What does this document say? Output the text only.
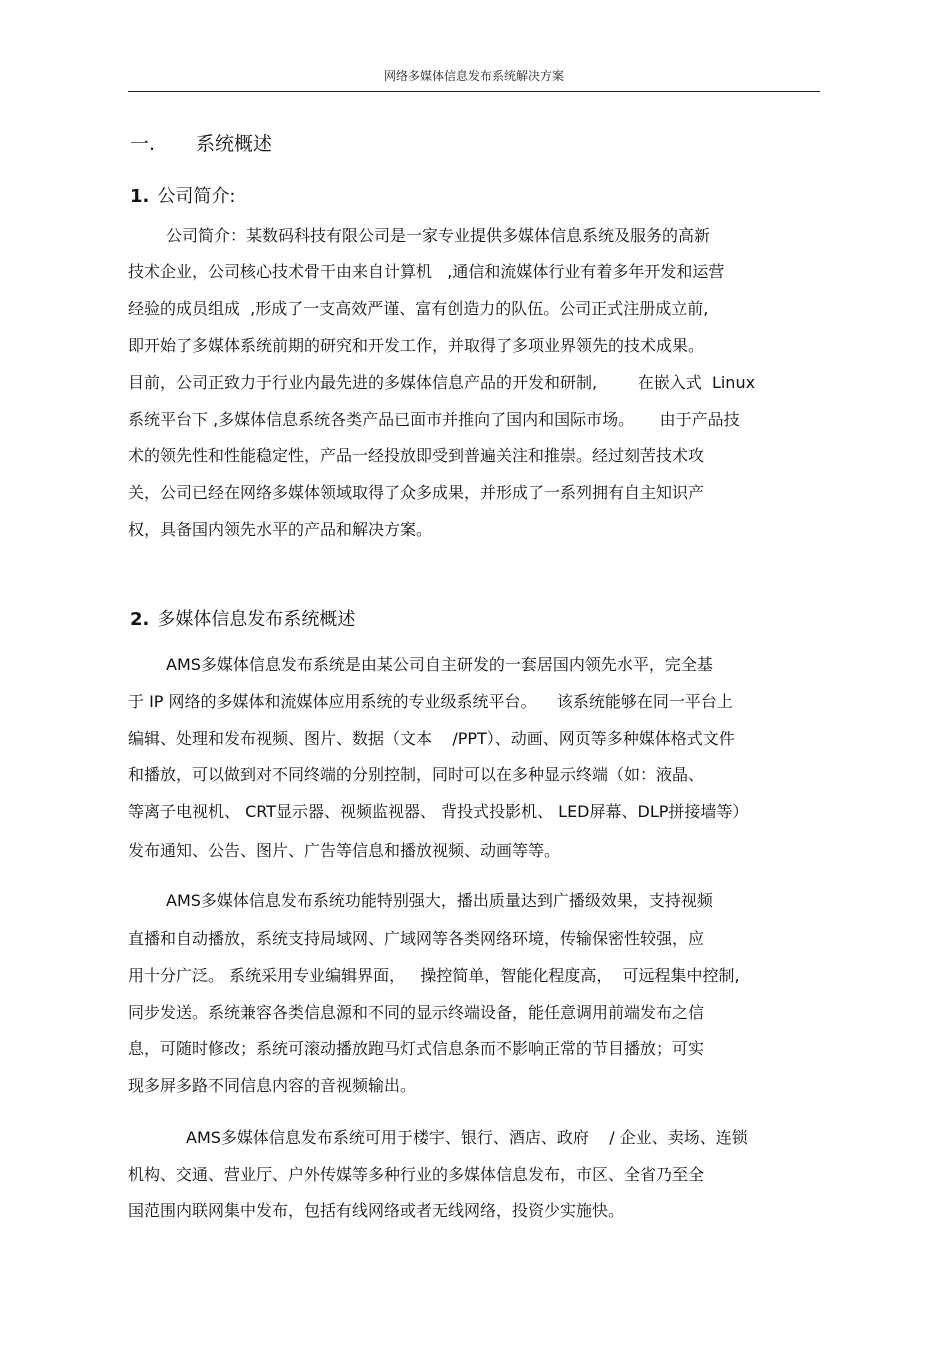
网络多媒体信息发布系统解决方案
一. 系统概述
1. 公司简介:
公司简介：某数码科技有限公司是一家专业提供多媒体信息系统及服务的高新
技术企业，公司核心技术骨干由来自计算机   ,通信和流媒体行业有着多年开发和运营
经验的成员组成  ,形成了一支高效严谨、富有创造力的队伍。公司正式注册成立前,
即开始了多媒体系统前期的研究和开发工作，并取得了多项业界领先的技术成果。
目前，公司正致力于行业内最先进的多媒体信息产品的开发和研制,        在嵌入式  Linux
系统平台下 ,多媒体信息系统各类产品已面市并推向了国内和国际市场。     由于产品技
术的领先性和性能稳定性，产品一经投放即受到普遍关注和推崇。经过刻苦技术攻
关，公司已经在网络多媒体领域取得了众多成果，并形成了一系列拥有自主知识产
权，具备国内领先水平的产品和解决方案。
2. 多媒体信息发布系统概述
AMS多媒体信息发布系统是由某公司自主研发的一套居国内领先水平，完全基
于 IP 网络的多媒体和流媒体应用系统的专业级系统平台。    该系统能够在同一平台上
编辑、处理和发布视频、图片、数据（文本    /PPT）、动画、网页等多种媒体格式文件
和播放，可以做到对不同终端的分别控制，同时可以在多种显示终端（如：液晶、
等离子电视机、 CRT显示器、视频监视器、 背投式投影机、 LED屏幕、DLP拼接墙等）
发布通知、公告、图片、广告等信息和播放视频、动画等等。
AMS多媒体信息发布系统功能特别强大，播出质量达到广播级效果，支持视频
直播和自动播放，系统支持局域网、广域网等各类网络环境，传输保密性较强，应
用十分广泛。 系统采用专业编辑界面，   操控简单，智能化程度高，  可远程集中控制,
同步发送。系统兼容各类信息源和不同的显示终端设备，能任意调用前端发布之信
息，可随时修改；系统可滚动播放跑马灯式信息条而不影响正常的节目播放；可实
现多屏多路不同信息内容的音视频输出。
AMS多媒体信息发布系统可用于楼宇、银行、酒店、政府    / 企业、卖场、连锁
机构、交通、营业厅、户外传媒等多种行业的多媒体信息发布，市区、全省乃至全
国范围内联网集中发布，包括有线网络或者无线网络，投资少实施快。
